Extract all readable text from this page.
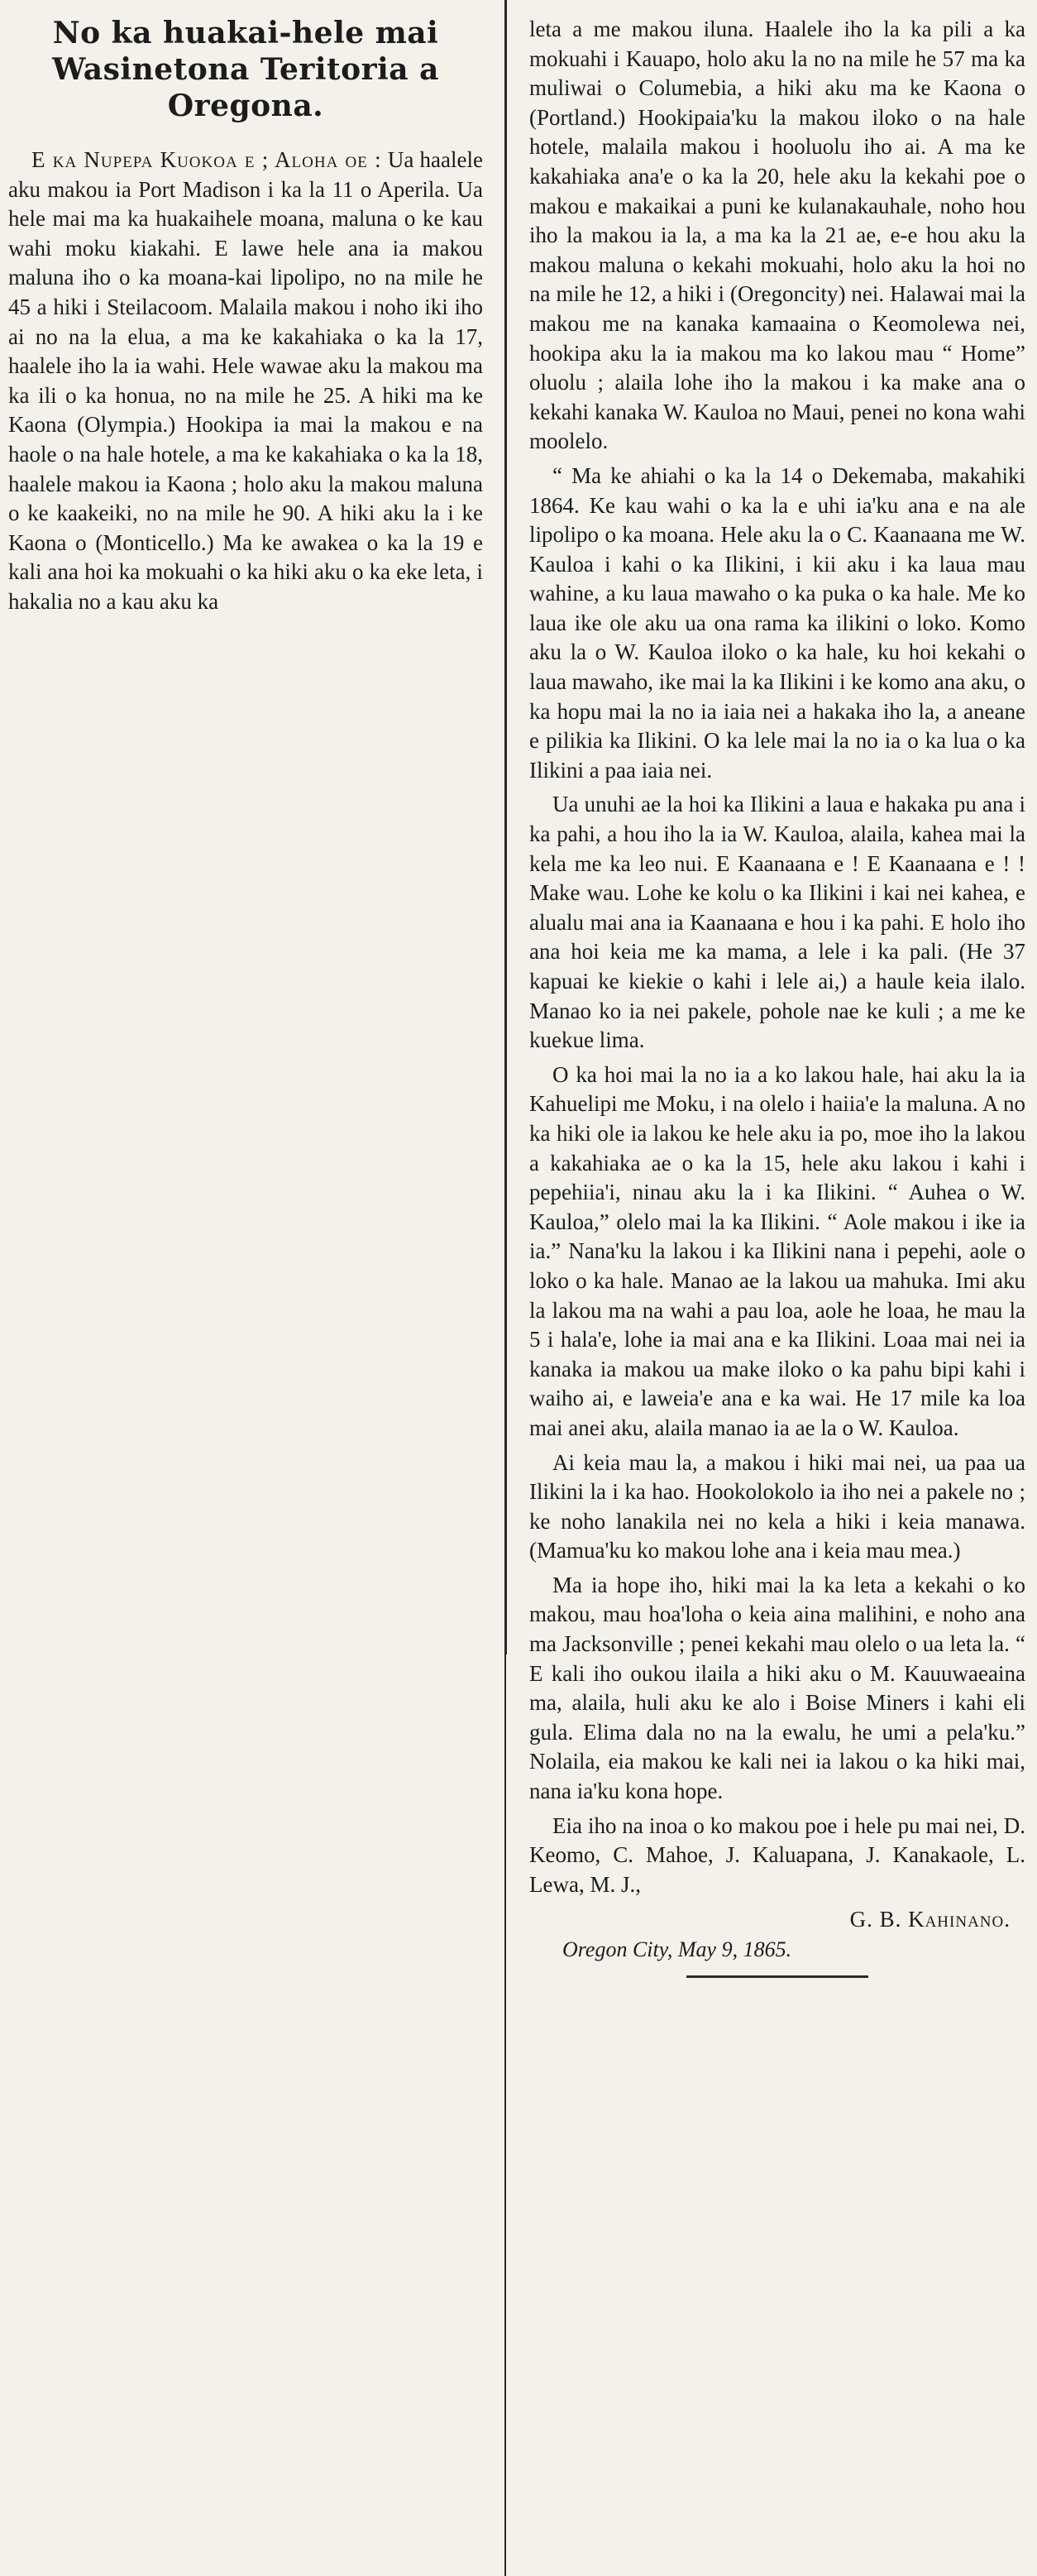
No ka huakai-hele mai Wasinetona Teritoria a Oregona.

E ka Nupepa Kuokoa e ; Aloha oe : Ua haalele aku makou ia Port Madison i ka la 11 o Aperila. Ua hele mai ma ka huakaihele moana, maluna o ke kau wahi moku kiakahi. E lawe hele ana ia makou maluna iho o ka moana-kai lipolipo, no na mile he 45 a hiki i Steilacoom. Malaila makou i noho iki iho ai no na la elua, a ma ke kakahiaka o ka la 17, haalele iho la ia wahi. Hele wawae aku la makou ma ka ili o ka honua, no na mile he 25. A hiki ma ke Kaona (Olympia.) Hookipa ia mai la makou e na haole o na hale hotele, a ma ke kakahiaka o ka la 18, haalele makou ia Kaona ; holo aku la makou maluna o ke kaakeiki, no na mile he 90. A hiki aku la i ke Kaona o (Monticello.) Ma ke awakea o ka la 19 e kali ana hoi ka mokuahi o ka hiki aku o ka eke leta, i hakalia no a kau aku ka

leta a me makou iluna. Haalele iho la ka pili a ka mokuahi i Kauapo, holo aku la no na mile he 57 ma ka muliwai o Columebia, a hiki aku ma ke Kaona o (Portland.) Hookipaia'ku la makou iloko o na hale hotele, malaila makou i hooluolu iho ai. A ma ke kakahiaka ana'e o ka la 20, hele aku la kekahi poe o makou e makaikai a puni ke kulanakauhale, noho hou iho la makou ia la, a ma ka la 21 ae, e-e hou aku la makou maluna o kekahi mokuahi, holo aku la hoi no na mile he 12, a hiki i (Oregoncity) nei. Halawai mai la makou me na kanaka kamaaina o Keomolewa nei, hookipa aku la ia makou ma ko lakou mau “ Home” oluolu ; alaila lohe iho la makou i ka make ana o kekahi kanaka W. Kauloa no Maui, penei no kona wahi moolelo.

“ Ma ke ahiahi o ka la 14 o Dekemaba, makahiki 1864. Ke kau wahi o ka la e uhi ia'ku ana e na ale lipolipo o ka moana. Hele aku la o C. Kaanaana me W. Kauloa i kahi o ka Ilikini, i kii aku i ka laua mau wahine, a ku laua mawaho o ka puka o ka hale. Me ko laua ike ole aku ua ona rama ka ilikini o loko. Komo aku la o W. Kauloa iloko o ka hale, ku hoi kekahi o laua mawaho, ike mai la ka Ilikini i ke komo ana aku, o ka hopu mai la no ia iaia nei a hakaka iho la, a aneane e pilikia ka Ilikini. O ka lele mai la no ia o ka lua o ka Ilikini a paa iaia nei.

Ua unuhi ae la hoi ka Ilikini a laua e hakaka pu ana i ka pahi, a hou iho la ia W. Kauloa, alaila, kahea mai la kela me ka leo nui. E Kaanaana e ! E Kaanaana e ! ! Make wau. Lohe ke kolu o ka Ilikini i kai nei kahea, e alualu mai ana ia Kaanaana e hou i ka pahi. E holo iho ana hoi keia me ka mama, a lele i ka pali. (He 37 kapuai ke kiekie o kahi i lele ai,) a haule keia ilalo. Manao ko ia nei pakele, pohole nae ke kuli ; a me ke kuekue lima.

O ka hoi mai la no ia a ko lakou hale, hai aku la ia Kahuelipi me Moku, i na olelo i haiia'e la maluna. A no ka hiki ole ia lakou ke hele aku ia po, moe iho la lakou a kakahiaka ae o ka la 15, hele aku lakou i kahi i pepehiia'i, ninau aku la i ka Ilikini. “ Auhea o W. Kauloa,” olelo mai la ka Ilikini. “ Aole makou i ike ia ia.” Nana'ku la lakou i ka Ilikini nana i pepehi, aole o loko o ka hale. Manao ae la lakou ua mahuka. Imi aku la lakou ma na wahi a pau loa, aole he loaa, he mau la 5 i hala'e, lohe ia mai ana e ka Ilikini. Loaa mai nei ia kanaka ia makou ua make iloko o ka pahu bipi kahi i waiho ai, e laweia'e ana e ka wai. He 17 mile ka loa mai anei aku, alaila manao ia ae la o W. Kauloa.

Ai keia mau la, a makou i hiki mai nei, ua paa ua Ilikini la i ka hao. Hookolokolo ia iho nei a pakele no ; ke noho lanakila nei no kela a hiki i keia manawa. (Mamua'ku ko makou lohe ana i keia mau mea.)

Ma ia hope iho, hiki mai la ka leta a kekahi o ko makou, mau hoa'loha o keia aina malihini, e noho ana ma Jacksonville ; penei kekahi mau olelo o ua leta la. “ E kali iho oukou ilaila a hiki aku o M. Kauuwaeaina ma, alaila, huli aku ke alo i Boise Miners i kahi eli gula. Elima dala no na la ewalu, he umi a pela'ku.” Nolaila, eia makou ke kali nei ia lakou o ka hiki mai, nana ia'ku kona hope.

Eia iho na inoa o ko makou poe i hele pu mai nei, D. Keomo, C. Mahoe, J. Kaluapana, J. Kanakaole, L. Lewa, M. J.,

G. B. Kahinano.
Oregon City, May 9, 1865.
